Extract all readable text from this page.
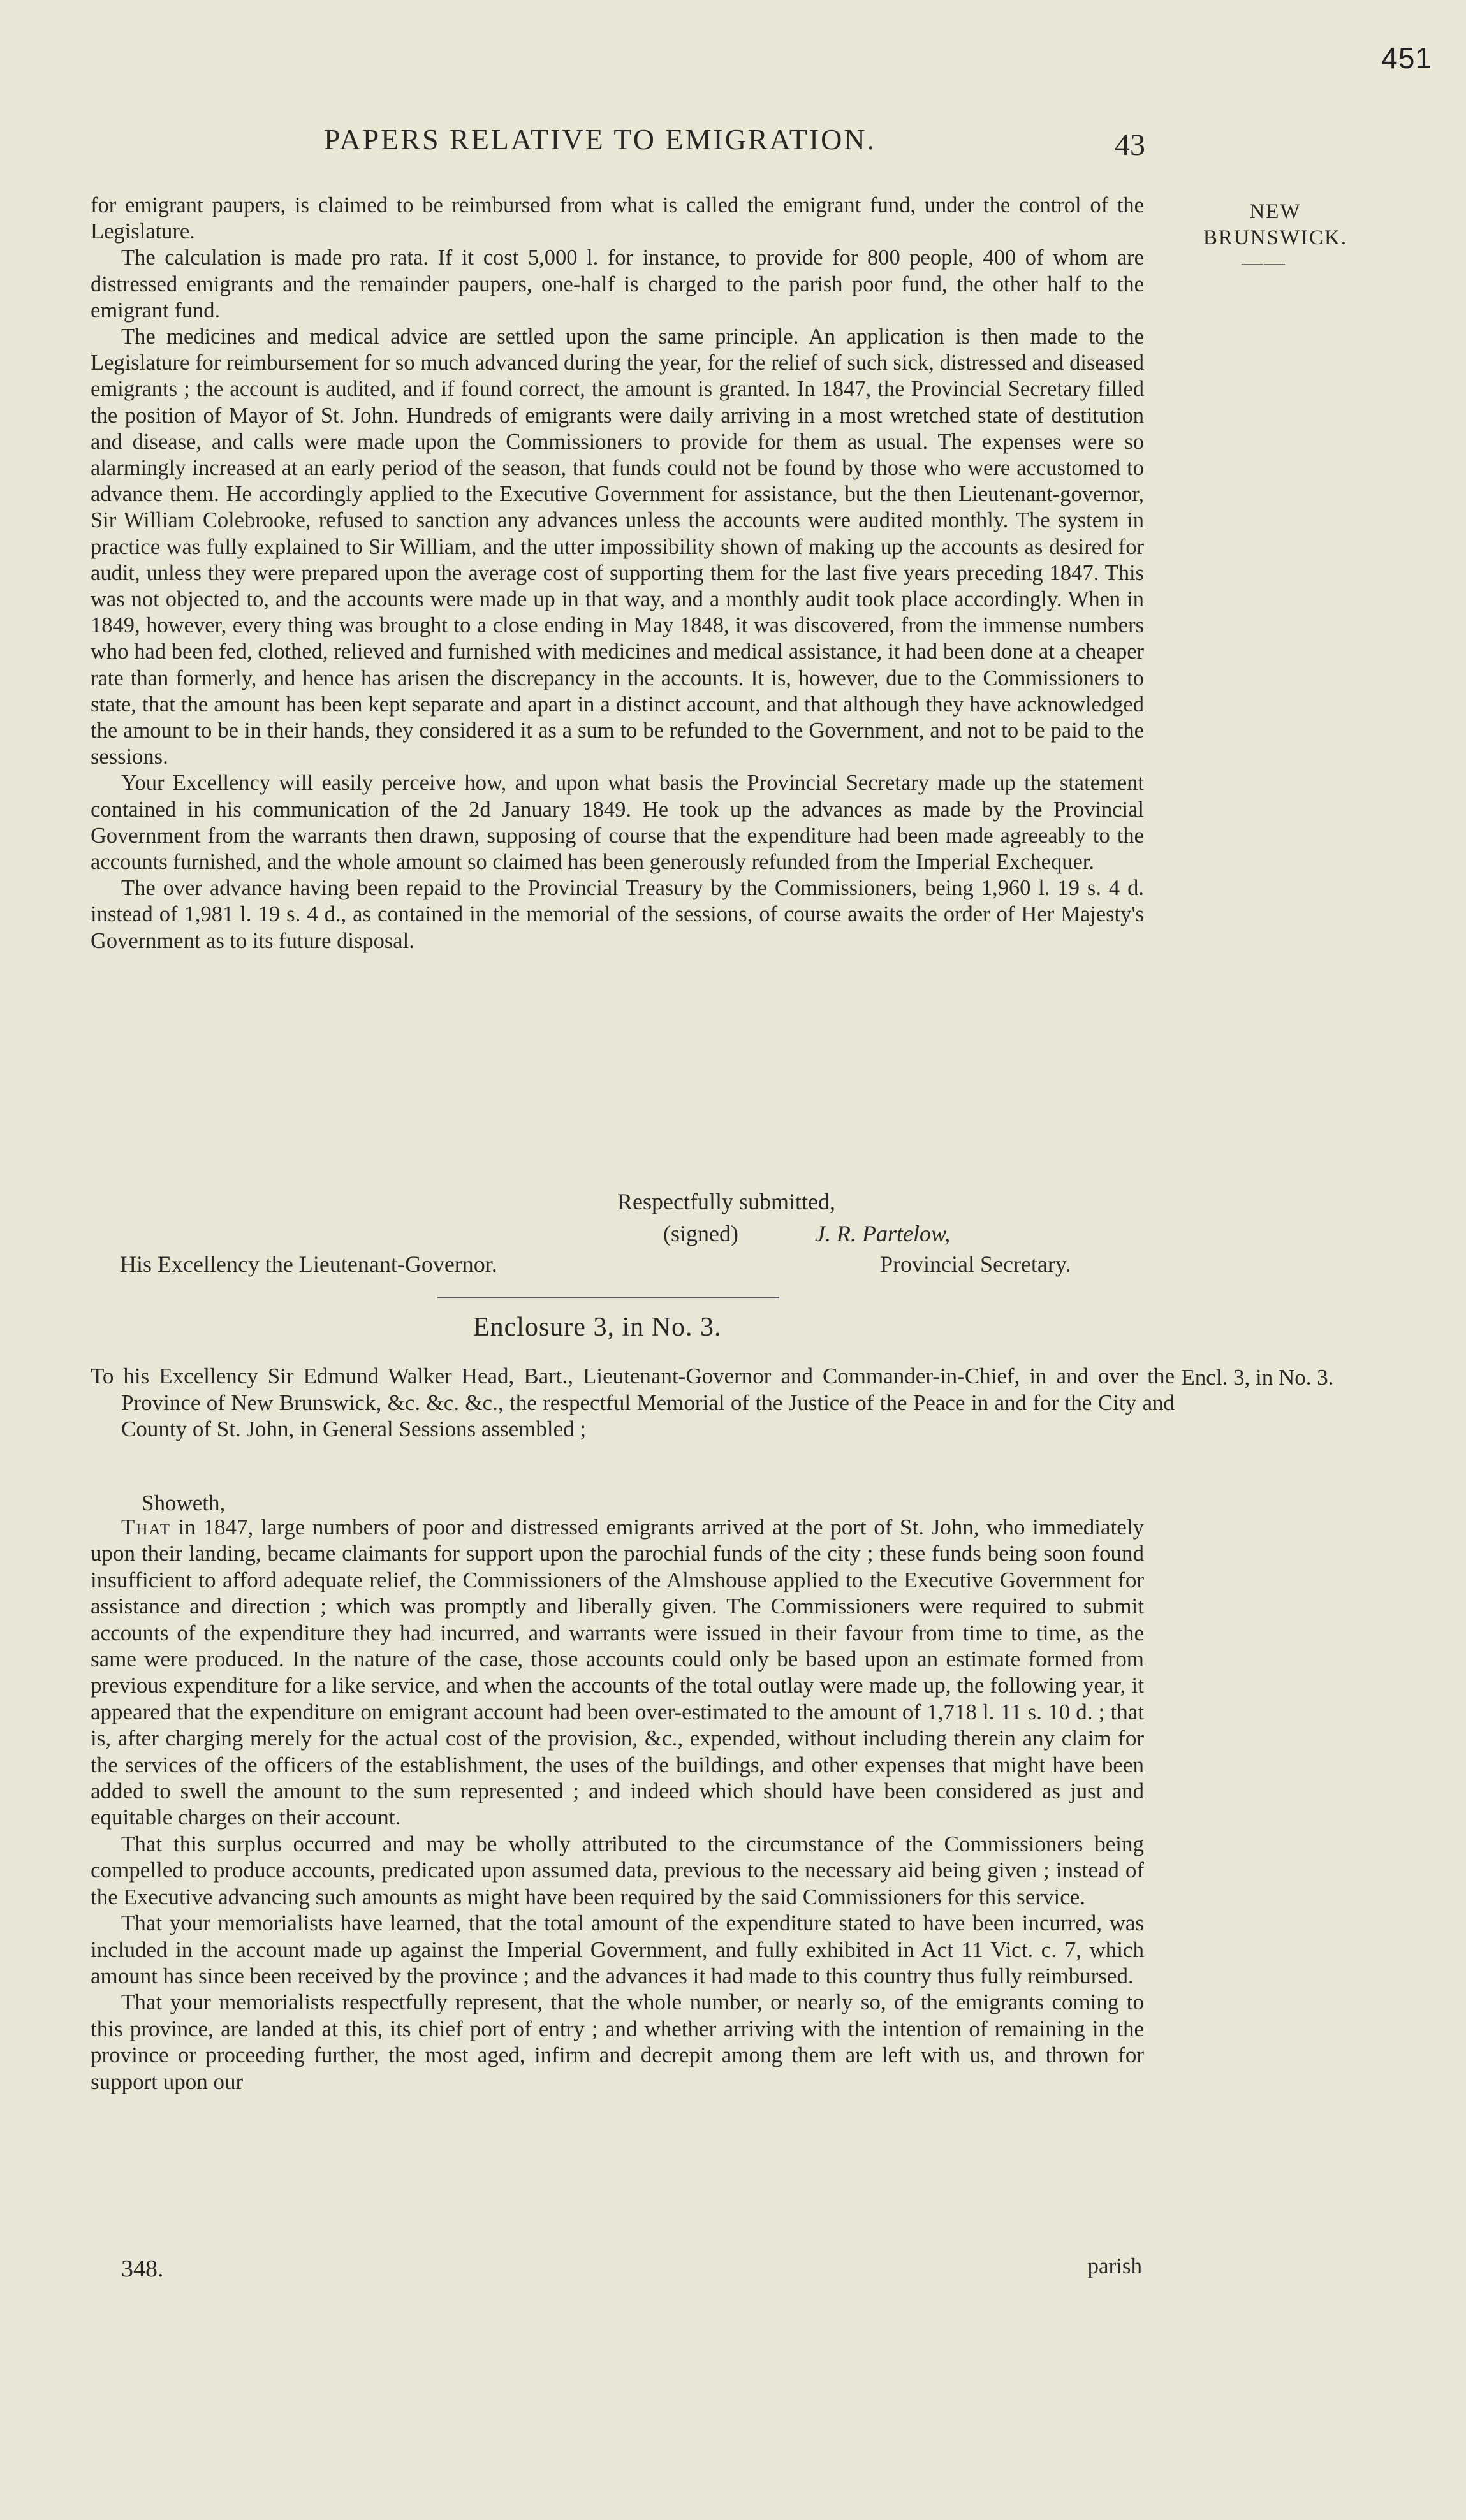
451
PAPERS RELATIVE TO EMIGRATION.	43
NEW BRUNSWICK.
——

for emigrant paupers, is claimed to be reimbursed from what is called the emigrant fund, under the control of the Legislature.

The calculation is made pro rata. If it cost 5,000 l. for instance, to provide for 800 people, 400 of whom are distressed emigrants and the remainder paupers, one-half is charged to the parish poor fund, the other half to the emigrant fund.

The medicines and medical advice are settled upon the same principle. An application is then made to the Legislature for reimbursement for so much advanced during the year, for the relief of such sick, distressed and diseased emigrants ; the account is audited, and if found correct, the amount is granted. In 1847, the Provincial Secretary filled the position of Mayor of St. John. Hundreds of emigrants were daily arriving in a most wretched state of destitution and disease, and calls were made upon the Commissioners to provide for them as usual. The expenses were so alarmingly increased at an early period of the season, that funds could not be found by those who were accustomed to advance them. He accordingly applied to the Executive Government for assistance, but the then Lieutenant-governor, Sir William Colebrooke, refused to sanction any advances unless the accounts were audited monthly. The system in practice was fully explained to Sir William, and the utter impossibility shown of making up the accounts as desired for audit, unless they were prepared upon the average cost of supporting them for the last five years preceding 1847. This was not objected to, and the accounts were made up in that way, and a monthly audit took place accordingly. When in 1849, however, every thing was brought to a close ending in May 1848, it was discovered, from the immense numbers who had been fed, clothed, relieved and furnished with medicines and medical assistance, it had been done at a cheaper rate than formerly, and hence has arisen the discrepancy in the accounts. It is, however, due to the Commissioners to state, that the amount has been kept separate and apart in a distinct account, and that although they have acknowledged the amount to be in their hands, they considered it as a sum to be refunded to the Government, and not to be paid to the sessions.

Your Excellency will easily perceive how, and upon what basis the Provincial Secretary made up the statement contained in his communication of the 2d January 1849. He took up the advances as made by the Provincial Government from the warrants then drawn, supposing of course that the expenditure had been made agreeably to the accounts furnished, and the whole amount so claimed has been generously refunded from the Imperial Exchequer.

The over advance having been repaid to the Provincial Treasury by the Commissioners, being 1,960 l. 19 s. 4 d. instead of 1,981 l. 19 s. 4 d., as contained in the memorial of the sessions, of course awaits the order of Her Majesty's Government as to its future disposal.

Respectfully submitted,
(signed)	J. R. Partelow,
His Excellency the Lieutenant-Governor.	Provincial Secretary.
Enclosure 3, in No. 3.
Encl. 3, in No. 3.
To his Excellency Sir Edmund Walker Head, Bart., Lieutenant-Governor and Commander-in-Chief, in and over the Province of New Brunswick, &c. &c. &c., the respectful Memorial of the Justice of the Peace in and for the City and County of St. John, in General Sessions assembled ;
Showeth,

That in 1847, large numbers of poor and distressed emigrants arrived at the port of St. John, who immediately upon their landing, became claimants for support upon the parochial funds of the city ; these funds being soon found insufficient to afford adequate relief, the Commissioners of the Almshouse applied to the Executive Government for assistance and direction ; which was promptly and liberally given. The Commissioners were required to submit accounts of the expenditure they had incurred, and warrants were issued in their favour from time to time, as the same were produced. In the nature of the case, those accounts could only be based upon an estimate formed from previous expenditure for a like service, and when the accounts of the total outlay were made up, the following year, it appeared that the expenditure on emigrant account had been over-estimated to the amount of 1,718 l. 11 s. 10 d. ; that is, after charging merely for the actual cost of the provision, &c., expended, without including therein any claim for the services of the officers of the establishment, the uses of the buildings, and other expenses that might have been added to swell the amount to the sum represented ; and indeed which should have been considered as just and equitable charges on their account.

That this surplus occurred and may be wholly attributed to the circumstance of the Commissioners being compelled to produce accounts, predicated upon assumed data, previous to the necessary aid being given ; instead of the Executive advancing such amounts as might have been required by the said Commissioners for this service.

That your memorialists have learned, that the total amount of the expenditure stated to have been incurred, was included in the account made up against the Imperial Government, and fully exhibited in Act 11 Vict. c. 7, which amount has since been received by the province ; and the advances it had made to this country thus fully reimbursed.

That your memorialists respectfully represent, that the whole number, or nearly so, of the emigrants coming to this province, are landed at this, its chief port of entry ; and whether arriving with the intention of remaining in the province or proceeding further, the most aged, infirm and decrepit among them are left with us, and thrown for support upon our

348.	parish
